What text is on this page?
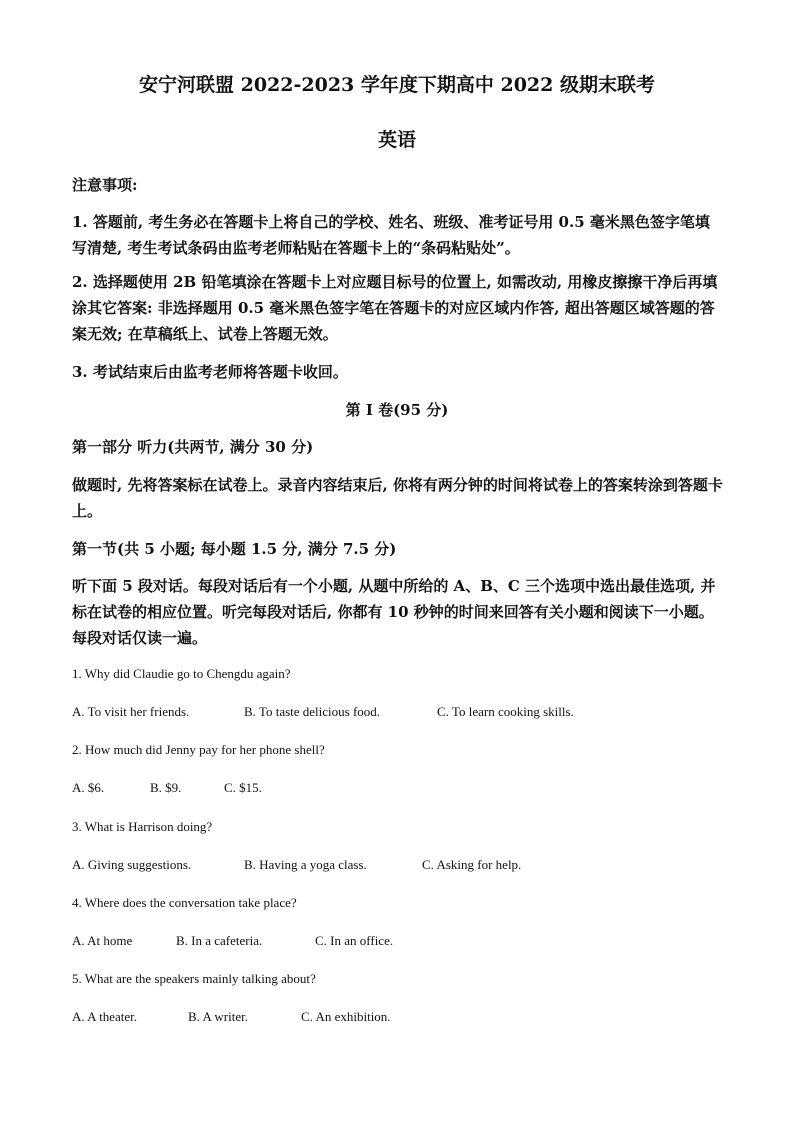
安宁河联盟 2022-2023 学年度下期高中 2022 级期末联考
英语
注意事项:
1. 答题前, 考生务必在答题卡上将自己的学校、姓名、班级、准考证号用 0.5 毫米黑色签字笔填写清楚, 考生考试条码由监考老师粘贴在答题卡上的“条码粘贴处”。
2. 选择题使用 2B 铅笔填涂在答题卡上对应题目标号的位置上, 如需改动, 用橡皮擦擦干净后再填涂其它答案: 非选择题用 0.5 毫米黑色签字笔在答题卡的对应区域内作答, 超出答题区域答题的答案无效; 在草稿纸上、试卷上答题无效。
3. 考试结束后由监考老师将答题卡收回。
第 I 卷(95 分)
第一部分 听力(共两节, 满分 30 分)
做题时, 先将答案标在试卷上。录音内容结束后, 你将有两分钟的时间将试卷上的答案转涂到答题卡上。
第一节(共 5 小题; 每小题 1.5 分, 满分 7.5 分)
听下面 5 段对话。每段对话后有一个小题, 从题中所给的 A、B、C 三个选项中选出最佳选项, 并标在试卷的相应位置。听完每段对话后, 你都有 10 秒钟的时间来回答有关小题和阅读下一小题。每段对话仅读一遍。
1. Why did Claudie go to Chengdu again?
A. To visit her friends.	B. To taste delicious food.	C. To learn cooking skills.
2. How much did Jenny pay for her phone shell?
A. $6.	B. $9.	C. $15.
3. What is Harrison doing?
A. Giving suggestions.	B. Having a yoga class.	C. Asking for help.
4. Where does the conversation take place?
A. At home	B. In a cafeteria.	C. In an office.
5. What are the speakers mainly talking about?
A. A theater.	B. A writer.	C. An exhibition.
